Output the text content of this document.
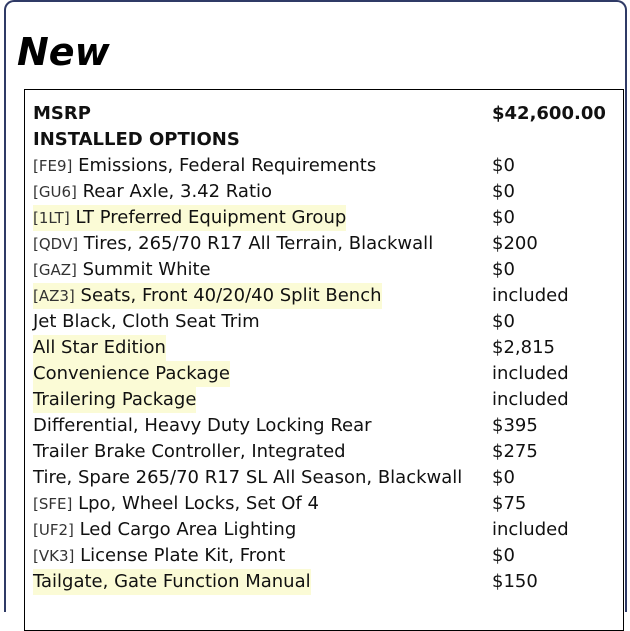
New
MSRP	$42,600.00
INSTALLED OPTIONS
[FE9] Emissions, Federal Requirements	$0
[GU6] Rear Axle, 3.42 Ratio	$0
[1LT] LT Preferred Equipment Group	$0
[QDV] Tires, 265/70 R17 All Terrain, Blackwall	$200
[GAZ] Summit White	$0
[AZ3] Seats, Front 40/20/40 Split Bench	included
Jet Black, Cloth Seat Trim	$0
All Star Edition	$2,815
Convenience Package	included
Trailering Package	included
Differential, Heavy Duty Locking Rear	$395
Trailer Brake Controller, Integrated	$275
Tire, Spare 265/70 R17 SL All Season, Blackwall $0
[SFE] Lpo, Wheel Locks, Set Of 4	$75
[UF2] Led Cargo Area Lighting	included
[VK3] License Plate Kit, Front	$0
Tailgate, Gate Function Manual	$150
